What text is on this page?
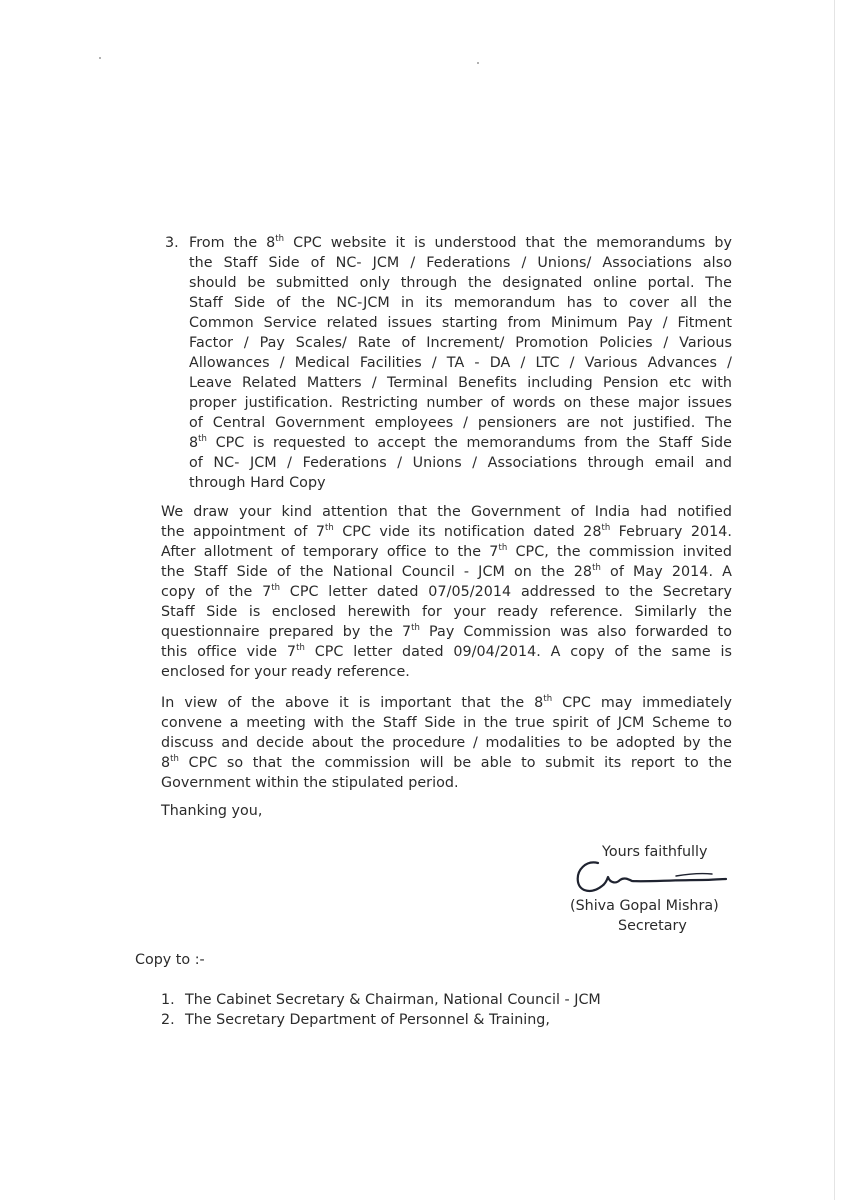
3. From the 8th CPC website it is understood that the memorandums by
the Staff Side of NC- JCM / Federations / Unions/ Associations also
should be submitted only through the designated online portal. The
Staff Side of the NC-JCM in its memorandum has to cover all the
Common Service related issues starting from Minimum Pay / Fitment
Factor / Pay Scales/ Rate of Increment/ Promotion Policies / Various
Allowances / Medical Facilities / TA - DA / LTC / Various Advances /
Leave Related Matters / Terminal Benefits including Pension etc with
proper justification. Restricting number of words on these major issues
of Central Government employees / pensioners are not justified. The
8th CPC is requested to accept the memorandums from the Staff Side
of NC- JCM / Federations / Unions / Associations through email and
through Hard Copy
We draw your kind attention that the Government of India had notified
the appointment of 7th CPC vide its notification dated 28th February 2014.
After allotment of temporary office to the 7th CPC, the commission invited
the Staff Side of the National Council - JCM on the 28th of May 2014. A
copy of the 7th CPC letter dated 07/05/2014 addressed to the Secretary
Staff Side is enclosed herewith for your ready reference. Similarly the
questionnaire prepared by the 7th Pay Commission was also forwarded to
this office vide 7th CPC letter dated 09/04/2014. A copy of the same is
enclosed for your ready reference.
In view of the above it is important that the 8th CPC may immediately
convene a meeting with the Staff Side in the true spirit of JCM Scheme to
discuss and decide about the procedure / modalities to be adopted by the
8th CPC so that the commission will be able to submit its report to the
Government within the stipulated period.
Thanking you,
Yours faithfully
(Shiva Gopal Mishra)
Secretary
Copy to :-
1. The Cabinet Secretary & Chairman, National Council - JCM
2. The Secretary Department of Personnel & Training,
